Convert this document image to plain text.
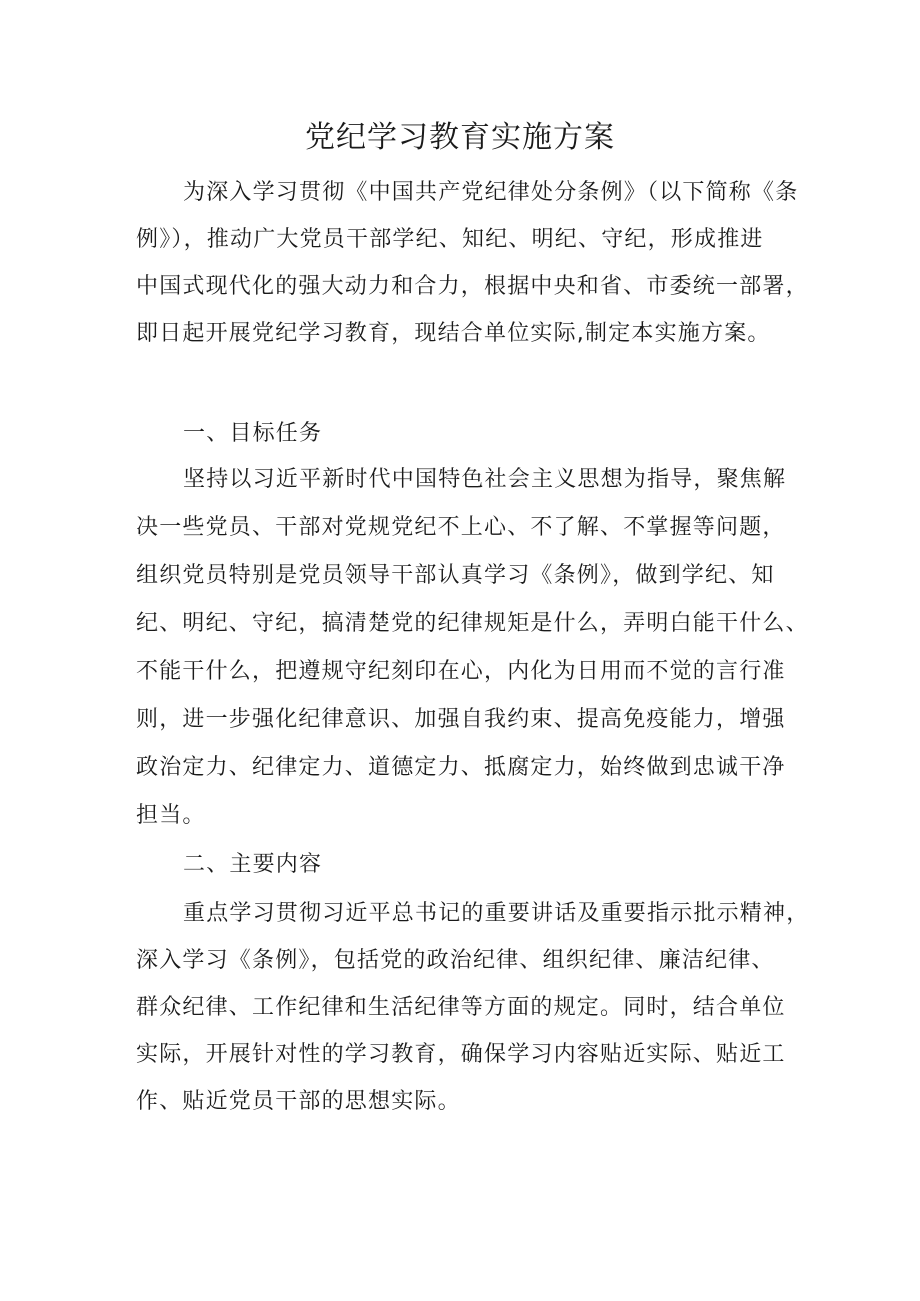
党纪学习教育实施方案
为深入学习贯彻《中国共产党纪律处分条例》（以下简称《条
例》），推动广大党员干部学纪、知纪、明纪、守纪，形成推进
中国式现代化的强大动力和合力，根据中央和省、市委统一部署，
即日起开展党纪学习教育，现结合单位实际,制定本实施方案。
一、目标任务
坚持以习近平新时代中国特色社会主义思想为指导，聚焦解
决一些党员、干部对党规党纪不上心、不了解、不掌握等问题，
组织党员特别是党员领导干部认真学习《条例》，做到学纪、知
纪、明纪、守纪，搞清楚党的纪律规矩是什么，弄明白能干什么、
不能干什么，把遵规守纪刻印在心，内化为日用而不觉的言行准
则，进一步强化纪律意识、加强自我约束、提高免疫能力，增强
政治定力、纪律定力、道德定力、抵腐定力，始终做到忠诚干净
担当。
二、主要内容
重点学习贯彻习近平总书记的重要讲话及重要指示批示精神，
深入学习《条例》，包括党的政治纪律、组织纪律、廉洁纪律、
群众纪律、工作纪律和生活纪律等方面的规定。同时，结合单位
实际，开展针对性的学习教育，确保学习内容贴近实际、贴近工
作、贴近党员干部的思想实际。
